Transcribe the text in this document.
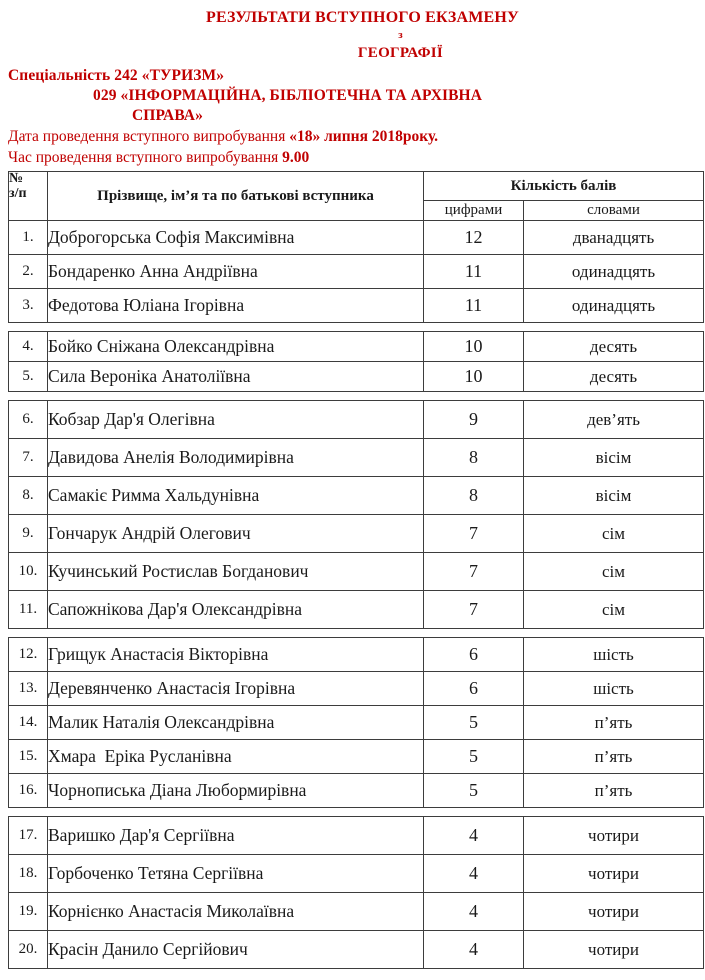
РЕЗУЛЬТАТИ ВСТУПНОГО ЕКЗАМЕНУ
з
ГЕОГРАФІЇ
Спеціальність 242 «ТУРИЗМ»
029 «ІНФОРМАЦІЙНА, БІБЛІОТЕЧНА ТА АРХІВНА
СПРАВА»
Дата проведення вступного випробування «18» липня 2018року.
Час проведення вступного випробування 9.00
№
з/п	Прізвище, ім’я та по батькові вступника	Кількість балів	
		цифрами	словами
1.	Доброгорська Софія Максимівна	12	дванадцять
2.	Бондаренко Анна Андріївна	11	одинадцять
3.	Федотова Юліана Ігорівна	11	одинадцять

4.	Бойко Сніжана Олександрівна	10	десять
5.	Сила Вероніка Анатоліївна	10	десять

6.	Кобзар Дар'я Олегівна	9	дев’ять
7.	Давидова Анелія Володимирівна	8	вісім
8.	Самакіє Римма Хальдунівна	8	вісім
9.	Гончарук Андрій Олегович	7	сім
10.	Кучинський Ростислав Богданович	7	сім
11.	Сапожнікова Дар'я Олександрівна	7	сім

12.	Грищук Анастасія Вікторівна	6	шість
13.	Деревянченко Анастасія Ігорівна	6	шість
14.	Малик Наталія Олександрівна	5	п’ять
15.	Хмара  Еріка Русланівна	5	п’ять
16.	Чорнописька Діана Любормирівна	5	п’ять

17.	Варишко Дар'я Сергіївна	4	чотири
18.	Горбоченко Тетяна Сергіївна	4	чотири
19.	Корнієнко Анастасія Миколаївна	4	чотири
20.	Красін Данило Сергійович	4	чотири
